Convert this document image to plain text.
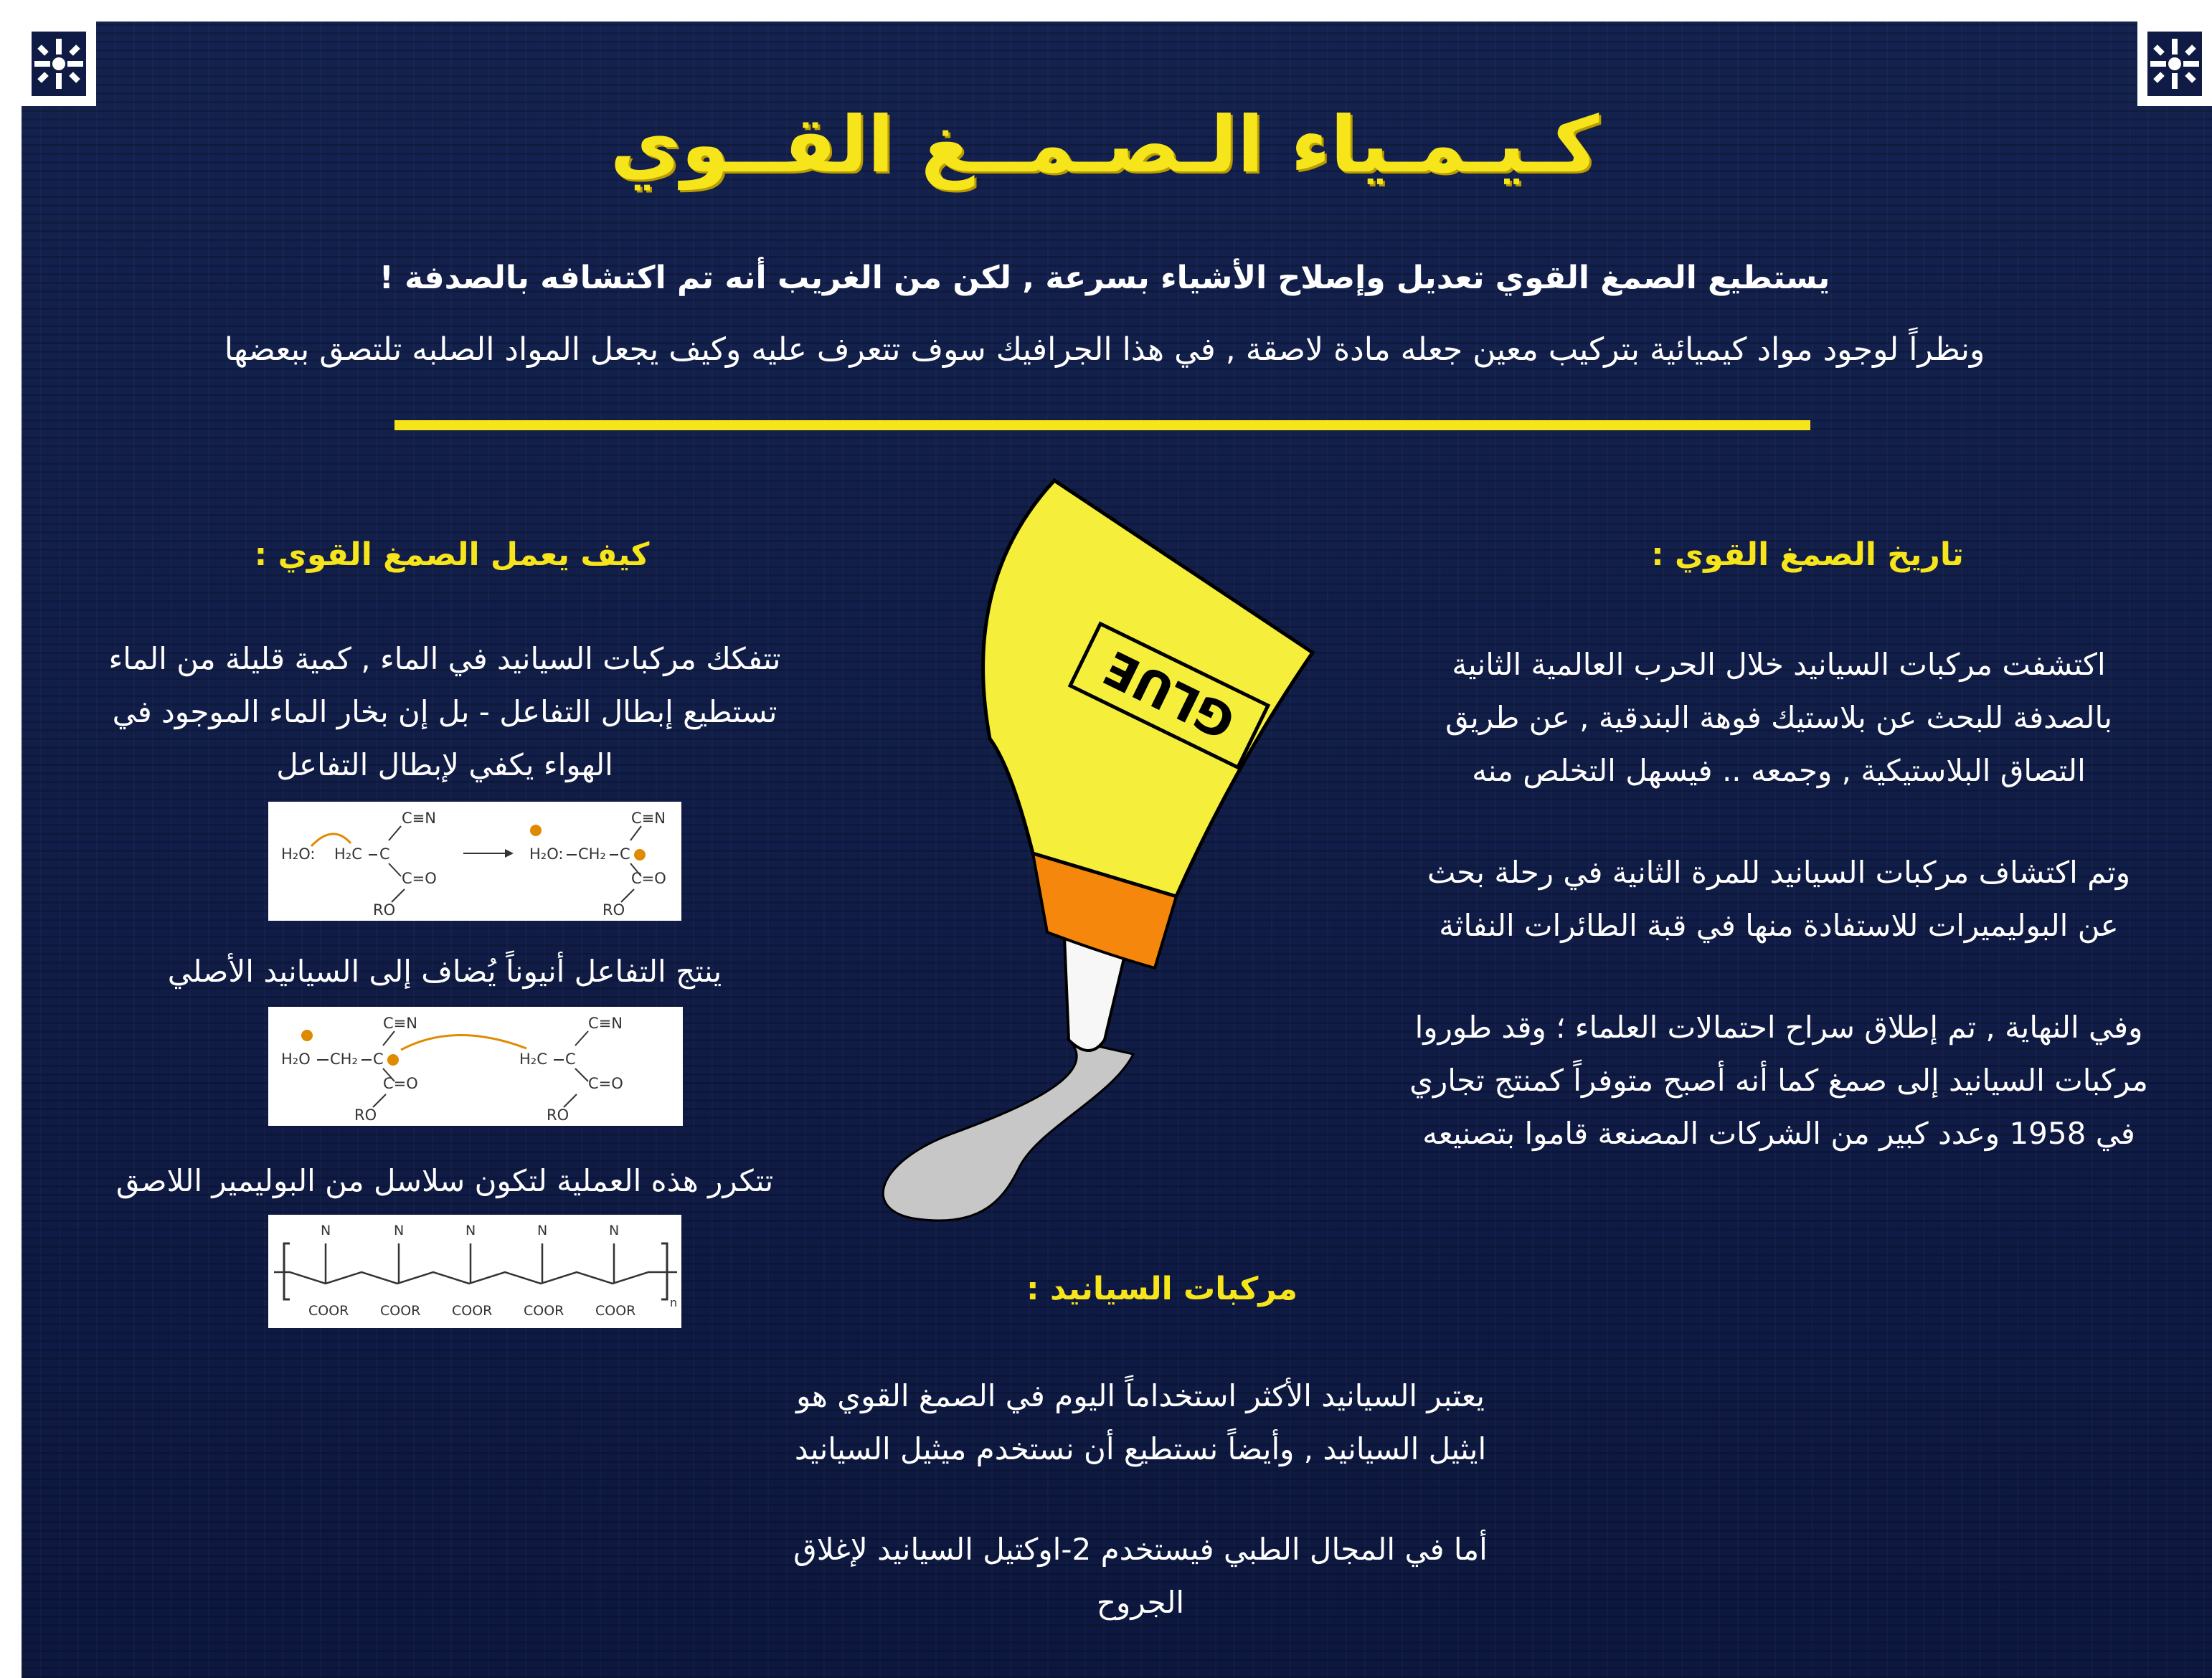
كـيـمـياء الـصـمــغ القــوي
يستطيع الصمغ القوي تعديل وإصلاح الأشياء بسرعة , لكن من الغريب أنه تم اكتشافه بالصدفة !
ونظراً لوجود مواد كيميائية بتركيب معين جعله مادة لاصقة , في هذا الجرافيك سوف تتعرف عليه وكيف يجعل المواد الصلبه تلتصق ببعضها
كيف يعمل الصمغ القوي :
تتفكك مركبات السيانيد في الماء , كمية قليلة من الماء تستطيع إبطال التفاعل - بل إن بخار الماء الموجود في الهواء يكفي لإبطال التفاعل
H₂O: H₂C C
C≡N
C=O
RO
H₂O: CH₂ C
C≡N
C=O
RO
ينتج التفاعل أنيوناً يُضاف إلى السيانيد الأصلي
H₂O CH₂ C
C≡N
C=O
RO
H₂C C
C≡N
C=O
RO
تتكرر هذه العملية لتكون سلاسل من البوليمير اللاصق
n
N	N	N	N	N
COOR COOR COOR COOR COOR
تاريخ الصمغ القوي :
اكتشفت مركبات السيانيد خلال الحرب العالمية الثانية بالصدفة للبحث عن بلاستيك فوهة البندقية , عن طريق التصاق البلاستيكية , وجمعه .. فيسهل التخلص منه
وتم اكتشاف مركبات السيانيد للمرة الثانية في رحلة بحث عن البوليميرات للاستفادة منها في قبة الطائرات النفاثة
وفي النهاية , تم إطلاق سراح احتمالات العلماء ؛ وقد طوروا مركبات السيانيد إلى صمغ كما أنه أصبح متوفراً كمنتج تجاري في 1958 وعدد كبير من الشركات المصنعة قاموا بتصنيعه
مركبات السيانيد :
يعتبر السيانيد الأكثر استخداماً اليوم في الصمغ القوي هو ايثيل السيانيد , وأيضاً نستطيع أن نستخدم ميثيل السيانيد
أما في المجال الطبي فيستخدم 2-اوكتيل السيانيد لإغلاق الجروح
GLUE
